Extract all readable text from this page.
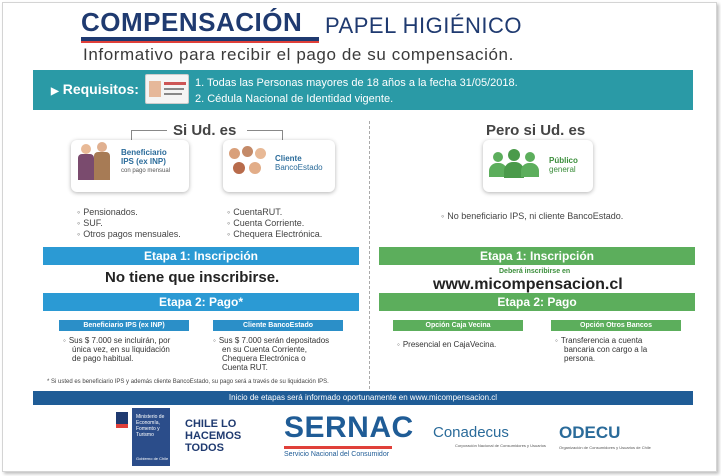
COMPENSACIÓN PAPEL HIGIÉNICO
Informativo para recibir el pago de su compensación.
▶ Requisitos:	1. Todas las Personas mayores de 18 años a la fecha 31/05/2018.
2. Cédula Nacional de Identidad vigente.
Si Ud. es
Beneficiario
IPS (ex INP)
con pago mensual
Cliente
BancoEstado
◦ Pensionados.
◦ SUF.
◦ Otros pagos mensuales.
◦ CuentaRUT.
◦ Cuenta Corriente.
◦ Chequera Electrónica.
Etapa 1: Inscripción
No tiene que inscribirse.
Etapa 2: Pago*
Beneficiario IPS (ex INP)	Cliente BancoEstado
◦ Sus $ 7.000 se incluirán, por
única vez, en su liquidación
de pago habitual.
◦ Sus $ 7.000 serán depositados
en su Cuenta Corriente,
Chequera Electrónica o
Cuenta RUT.
* Si usted es beneficiario IPS y además cliente BancoEstado, su pago será a través de su liquidación IPS.
Pero si Ud. es
Público
general
◦ No beneficiario IPS, ni cliente BancoEstado.
Etapa 1: Inscripción
Deberá inscribirse en
www.micompensacion.cl
Etapa 2: Pago
Opción Caja Vecina	Opción Otros Bancos
◦ Presencial en CajaVecina.
◦	Transferencia a cuenta
bancaria con cargo a la
persona.
Inicio de etapas será informado oportunamente en www.micompensacion.cl
Ministerio de
Economía,
Fomento y
Turismo
Gobierno de Chile
CHILE LO
HACEMOS
TODOS
SERNAC
Servicio Nacional del Consumidor
Conadecus
Corporación Nacional de Consumidores y Usuarios
ODECU
Organización de Consumidores y Usuarios de Chile
